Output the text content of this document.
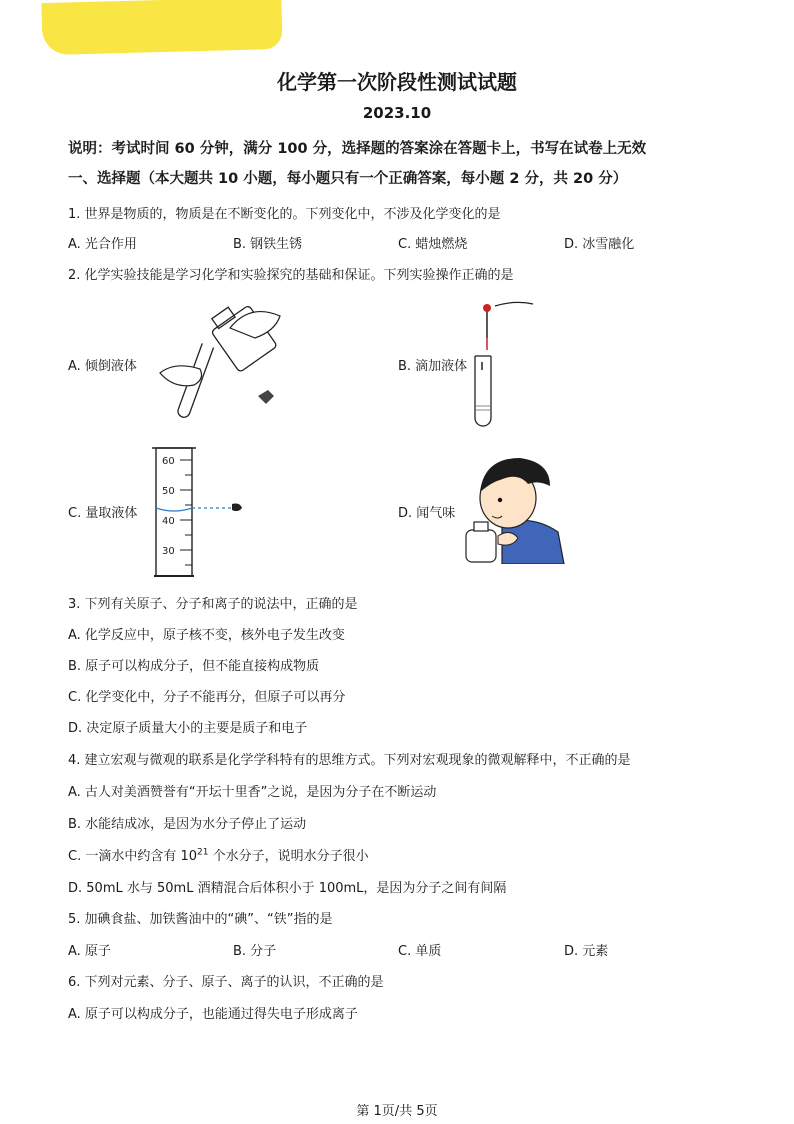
化学第一次阶段性测试试题
2023.10
说明：考试时间 60 分钟，满分 100 分，选择题的答案涂在答题卡上，书写在试卷上无效
一、选择题（本大题共 10 小题，每小题只有一个正确答案，每小题 2 分，共 20 分）
1. 世界是物质的，物质是在不断变化的。下列变化中，不涉及化学变化的是
A. 光合作用	B. 钢铁生锈	C. 蜡烛燃烧	D. 冰雪融化
2. 化学实验技能是学习化学和实验探究的基础和保证。下列实验操作正确的是
A. 倾倒液体	B. 滴加液体
C. 量取液体
60
50
40
30
D. 闻气味
3. 下列有关原子、分子和离子的说法中，正确的是
A. 化学反应中，原子核不变，核外电子发生改变
B. 原子可以构成分子，但不能直接构成物质
C. 化学变化中，分子不能再分，但原子可以再分
D. 决定原子质量大小的主要是质子和电子
4. 建立宏观与微观的联系是化学学科特有的思维方式。下列对宏观现象的微观解释中，不正确的是
A. 古人对美酒赞誉有“开坛十里香”之说，是因为分子在不断运动
B. 水能结成冰，是因为水分子停止了运动
C. 一滴水中约含有 $10^{21}$ 个水分子，说明水分子很小
D. 50mL 水与 50mL 酒精混合后体积小于 100mL，是因为分子之间有间隔
5. 加碘食盐、加铁酱油中的“碘”、“铁”指的是
A. 原子	B. 分子	C. 单质	D. 元素
6. 下列对元素、分子、原子、离子的认识，不正确的是
A. 原子可以构成分子，也能通过得失电子形成离子
第 1页/共 5页
